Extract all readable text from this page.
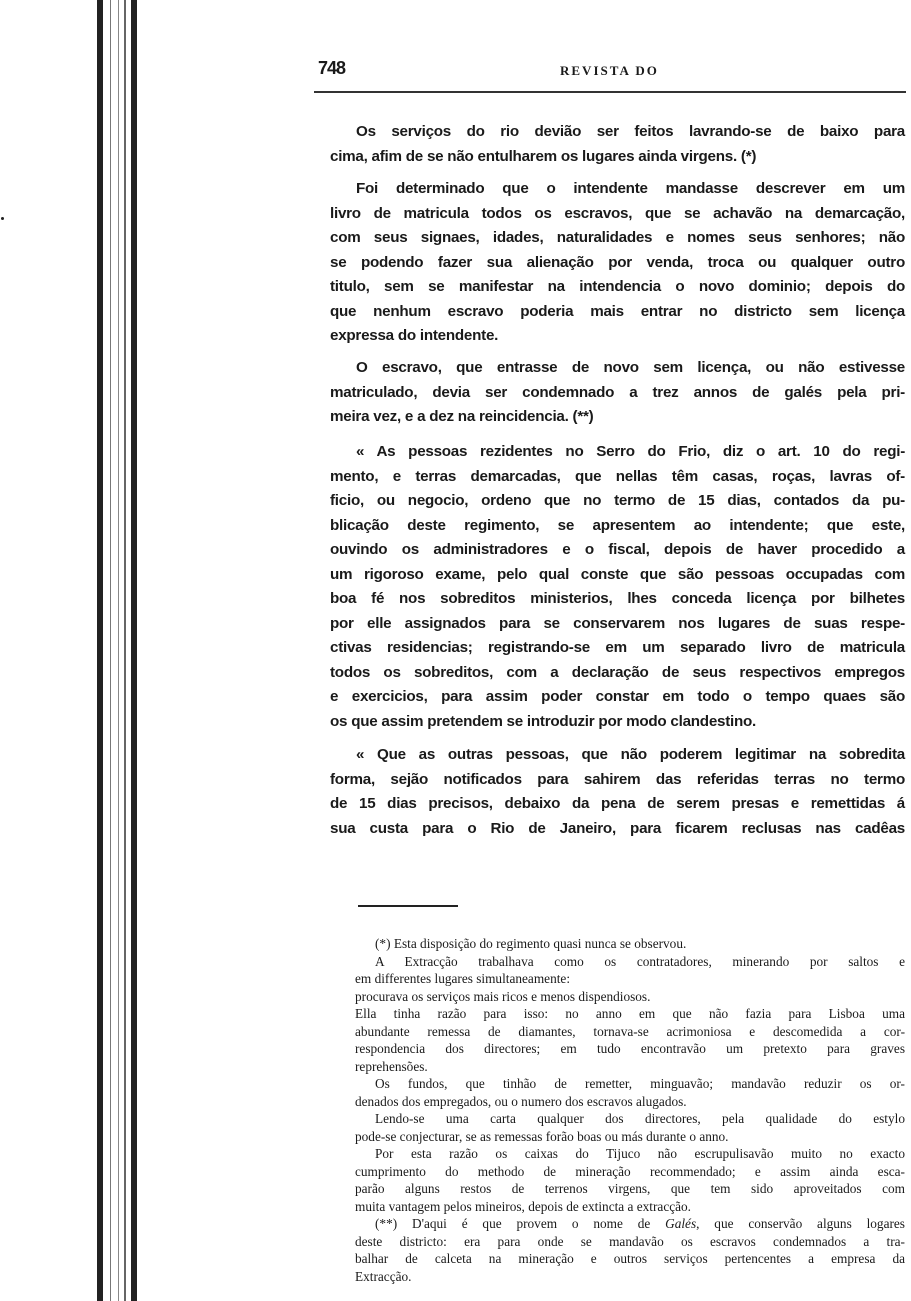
748	REVISTA DO
Os serviços do rio devião ser feitos lavrando-se de baixo para
cima, afim de se não entulharem os lugares ainda virgens. (*)
Foi determinado que o intendente mandasse descrever em um
livro de matricula todos os escravos, que se achavão na demarcação,
com seus signaes, idades, naturalidades e nomes seus senhores; não
se podendo fazer sua alienação por venda, troca ou qualquer outro
titulo, sem se manifestar na intendencia o novo dominio; depois do
que nenhum escravo poderia mais entrar no districto sem licença
expressa do intendente.
O escravo, que entrasse de novo sem licença, ou não estivesse
matriculado, devia ser condemnado a trez annos de galés pela pri-
meira vez, e a dez na reincidencia. (**)
« As pessoas rezidentes no Serro do Frio, diz o art. 10 do regi-
mento, e terras demarcadas, que nellas têm casas, roças, lavras of-
ficio, ou negocio, ordeno que no termo de 15 dias, contados da pu-
blicação deste regimento, se apresentem ao intendente; que este,
ouvindo os administradores e o fiscal, depois de haver procedido a
um rigoroso exame, pelo qual conste que são pessoas occupadas com
boa fé nos sobreditos ministerios, lhes conceda licença por bilhetes
por elle assignados para se conservarem nos lugares de suas respe-
ctivas residencias; registrando-se em um separado livro de matricula
todos os sobreditos, com a declaração de seus respectivos empregos
e exercicios, para assim poder constar em todo o tempo quaes são
os que assim pretendem se introduzir por modo clandestino.
« Que as outras pessoas, que não poderem legitimar na sobredita
forma, sejão notificados para sahirem das referidas terras no termo
de 15 dias precisos, debaixo da pena de serem presas e remettidas á
sua custa para o Rio de Janeiro, para ficarem reclusas nas cadêas
(*) Esta disposição do regimento quasi nunca se observou.
A Extracção trabalhava como os contratadores, minerando por saltos e
em differentes lugares simultaneamente:
procurava os serviços mais ricos e menos dispendiosos.
Ella tinha razão para isso: no anno em que não fazia para Lisboa uma
abundante remessa de diamantes, tornava-se acrimoniosa e descomedida a cor-
respondencia dos directores; em tudo encontravão um pretexto para graves
reprehensões.
Os fundos, que tinhão de remetter, minguavão; mandavão reduzir os or-
denados dos empregados, ou o numero dos escravos alugados.
Lendo-se uma carta qualquer dos directores, pela qualidade do estylo
pode-se conjecturar, se as remessas forão boas ou más durante o anno.
Por esta razão os caixas do Tijuco não escrupulisavão muito no exacto
cumprimento do methodo de mineração recommendado; e assim ainda esca-
parão alguns restos de terrenos virgens, que tem sido aproveitados com
muita vantagem pelos mineiros, depois de extincta a extracção.
(**) D'aqui é que provem o nome de Galés, que conservão alguns logares
deste districto: era para onde se mandavão os escravos condemnados a tra-
balhar de calceta na mineração e outros serviços pertencentes a empresa da
Extracção.
